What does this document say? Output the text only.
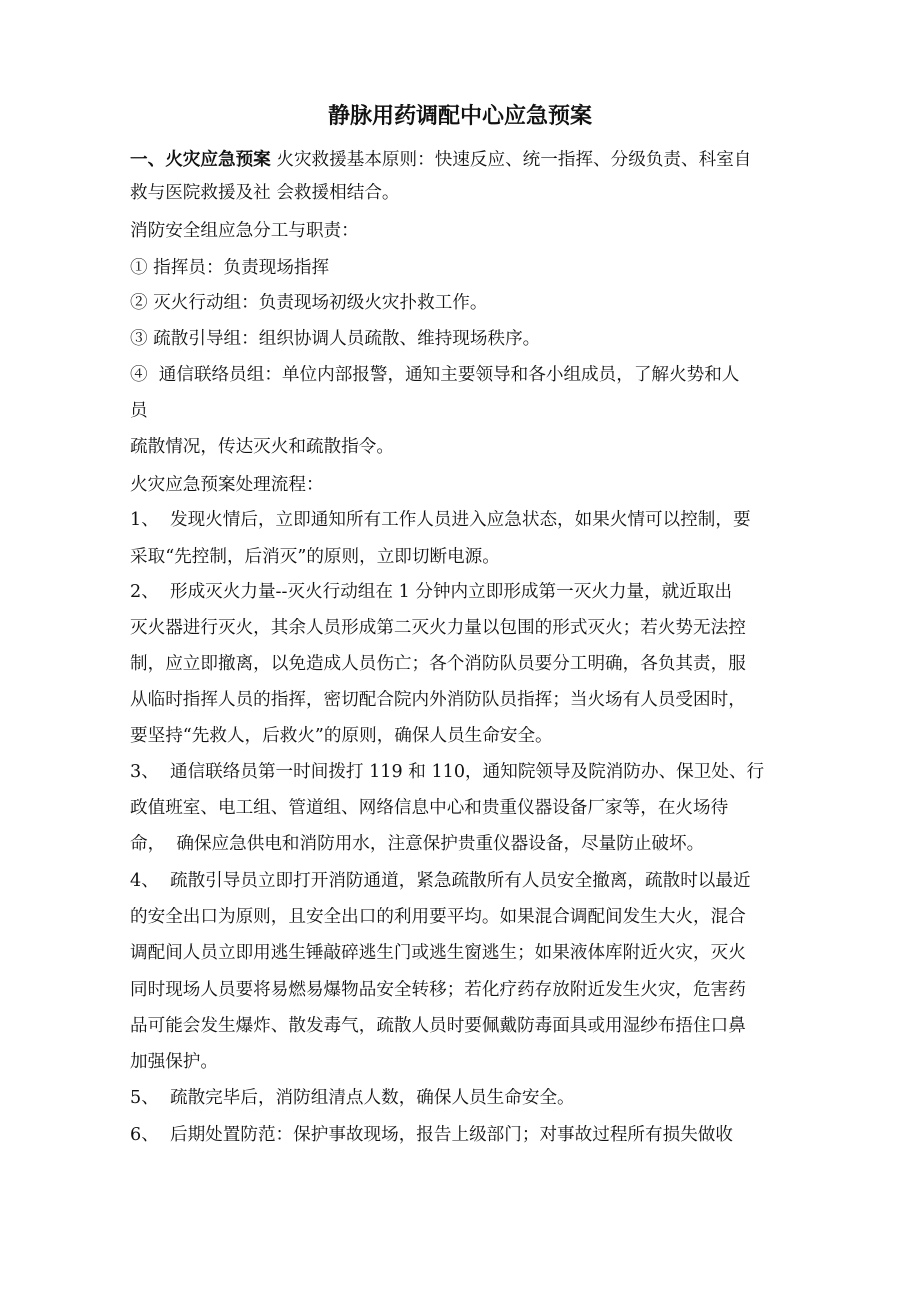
静脉用药调配中心应急预案
一、火灾应急预案 火灾救援基本原则：快速反应、统一指挥、分级负责、科室自
救与医院救援及社 会救援相结合。
消防安全组应急分工与职责：
① 指挥员：负责现场指挥
② 灭火行动组：负责现场初级火灾扑救工作。
③ 疏散引导组：组织协调人员疏散、维持现场秩序。
④  通信联络员组：单位内部报警，通知主要领导和各小组成员，了解火势和人
员
疏散情况，传达灭火和疏散指令。
火灾应急预案处理流程：
1、  发现火情后，立即通知所有工作人员进入应急状态，如果火情可以控制，要
采取“先控制，后消灭”的原则，立即切断电源。
2、  形成灭火力量--灭火行动组在 1 分钟内立即形成第一灭火力量，就近取出
灭火器进行灭火，其余人员形成第二灭火力量以包围的形式灭火；若火势无法控
制，应立即撤离，以免造成人员伤亡；各个消防队员要分工明确，各负其责，服
从临时指挥人员的指挥，密切配合院内外消防队员指挥；当火场有人员受困时，
要坚持“先救人，后救火”的原则，确保人员生命安全。
3、  通信联络员第一时间拨打 119 和 110，通知院领导及院消防办、保卫处、行
政值班室、电工组、管道组、网络信息中心和贵重仪器设备厂家等，在火场待
命，  确保应急供电和消防用水，注意保护贵重仪器设备，尽量防止破坏。
4、  疏散引导员立即打开消防通道，紧急疏散所有人员安全撤离，疏散时以最近
的安全出口为原则，且安全出口的利用要平均。如果混合调配间发生大火，混合
调配间人员立即用逃生锤敲碎逃生门或逃生窗逃生；如果液体库附近火灾，灭火
同时现场人员要将易燃易爆物品安全转移；若化疗药存放附近发生火灾，危害药
品可能会发生爆炸、散发毒气，疏散人员时要佩戴防毒面具或用湿纱布捂住口鼻
加强保护。
5、  疏散完毕后，消防组清点人数，确保人员生命安全。
6、  后期处置防范：保护事故现场，报告上级部门；对事故过程所有损失做收
